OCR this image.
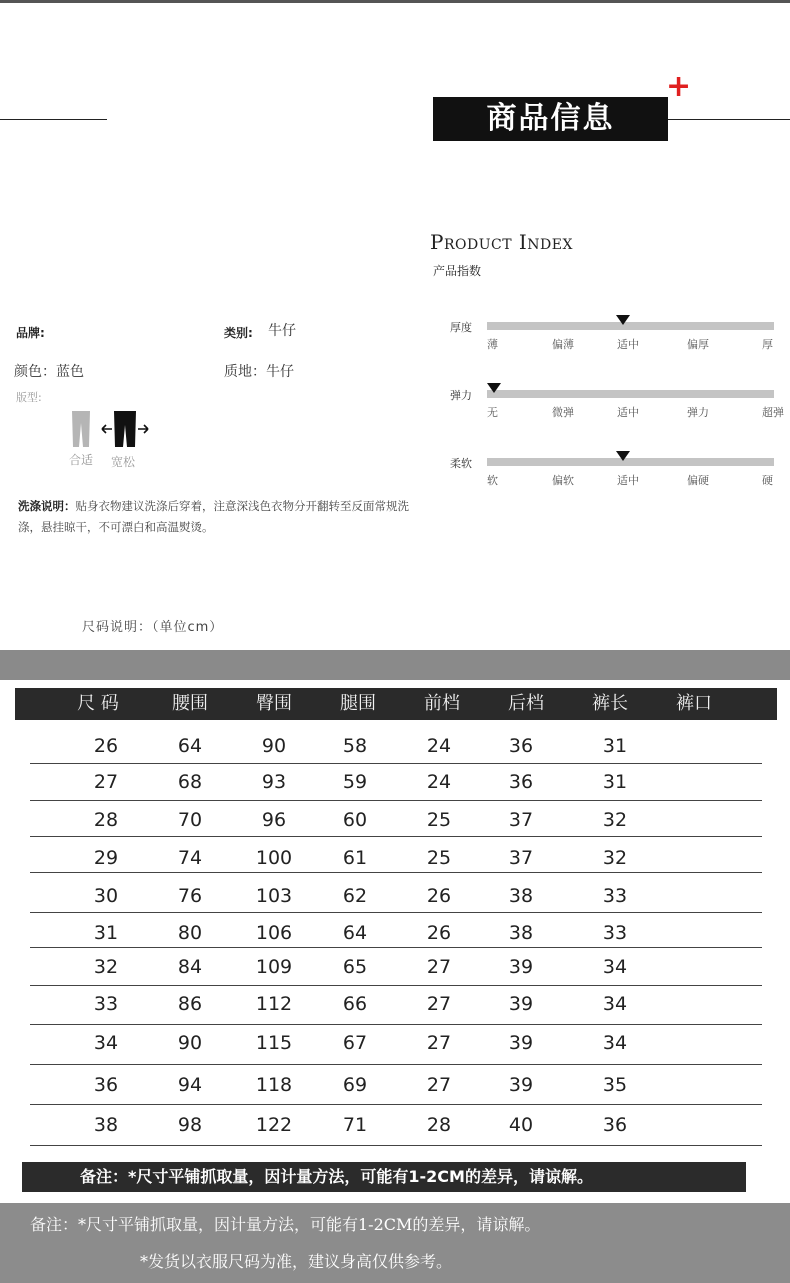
商品信息
+
Product Index
产品指数
厚度
薄	偏薄	适中	偏厚	厚
弹力
无	微弹	适中	弹力	超弹
柔软
软	偏软	适中	偏硬	硬
品牌:	类别: 牛仔
颜色：蓝色	质地：牛仔
版型:
合适 宽松
洗涤说明：贴身衣物建议洗涤后穿着，注意深浅色衣物分开翻转至反面常规洗涤，悬挂晾干，不可漂白和高温熨烫。
尺码说明：（单位cm）
尺 码	腰围	臀围	腿围	前档	后档	裤长	裤口
26	64	90	58	24	36	31
27	68	93	59	24	36	31
28	70	96	60	25	37	32
29	74	100	61	25	37	32
30	76	103	62	26	38	33
31	80	106	64	26	38	33
32	84	109	65	27	39	34
33	86	112	66	27	39	34
34	90	115	67	27	39	34
36	94	118	69	27	39	35
38	98	122	71	28	40	36
备注：*尺寸平铺抓取量，因计量方法，可能有1-2CM的差异，请谅解。
备注：*尺寸平铺抓取量，因计量方法，可能有1-2CM的差异，请谅解。
*发货以衣服尺码为准，建议身高仅供参考。
